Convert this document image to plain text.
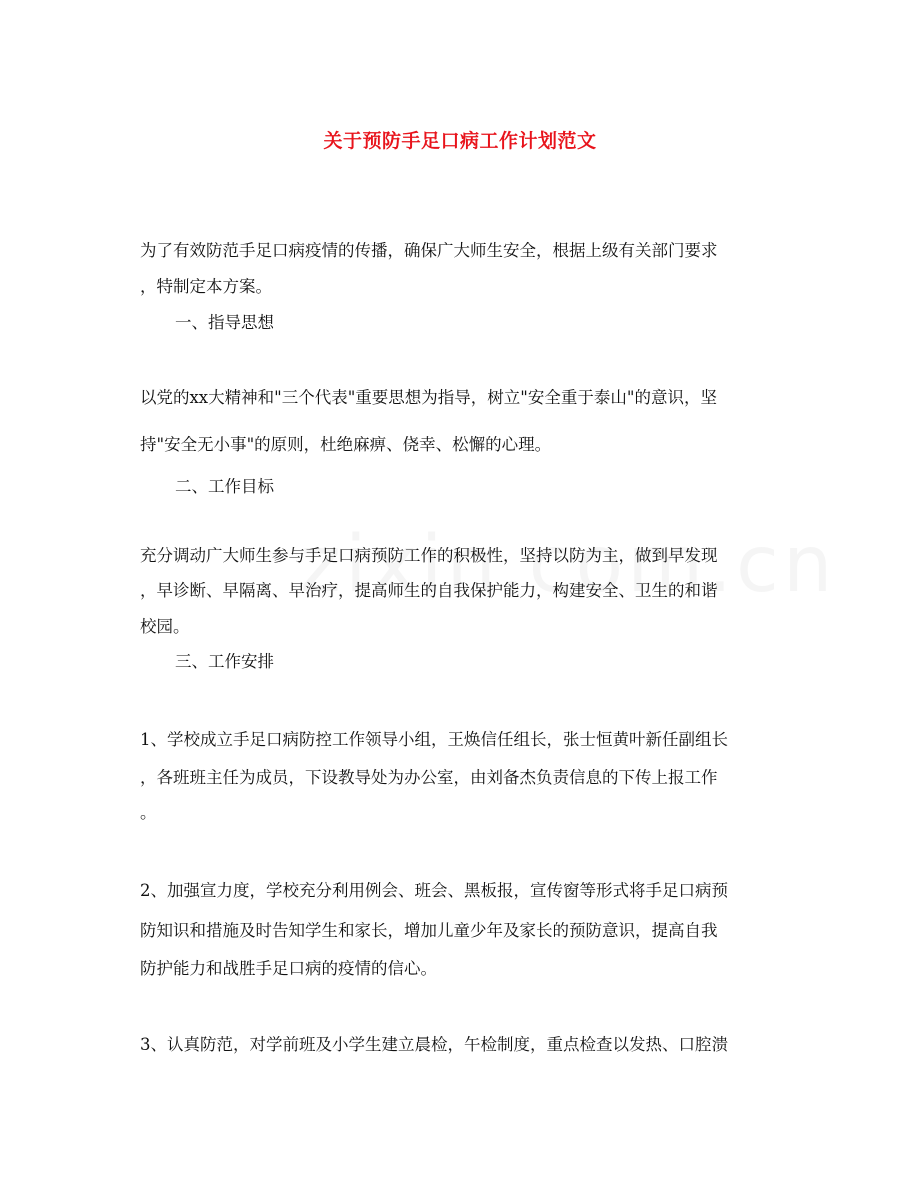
关于预防手足口病工作计划范文
为了有效防范手足口病疫情的传播，确保广大师生安全，根据上级有关部门要求
，特制定本方案。
一、指导思想
以党的xx大精神和"三个代表"重要思想为指导，树立"安全重于泰山"的意识，坚
持"安全无小事"的原则，杜绝麻痹、侥幸、松懈的心理。
二、工作目标
充分调动广大师生参与手足口病预防工作的积极性，坚持以防为主，做到早发现
，早诊断、早隔离、早治疗，提高师生的自我保护能力，构建安全、卫生的和谐
校园。
三、工作安排
1、学校成立手足口病防控工作领导小组，王焕信任组长，张士恒黄叶新任副组长
，各班班主任为成员，下设教导处为办公室，由刘备杰负责信息的下传上报工作
。
2、加强宣力度，学校充分利用例会、班会、黑板报，宣传窗等形式将手足口病预
防知识和措施及时告知学生和家长，增加儿童少年及家长的预防意识，提高自我
防护能力和战胜手足口病的疫情的信心。
3、认真防范，对学前班及小学生建立晨检，午检制度，重点检查以发热、口腔溃
